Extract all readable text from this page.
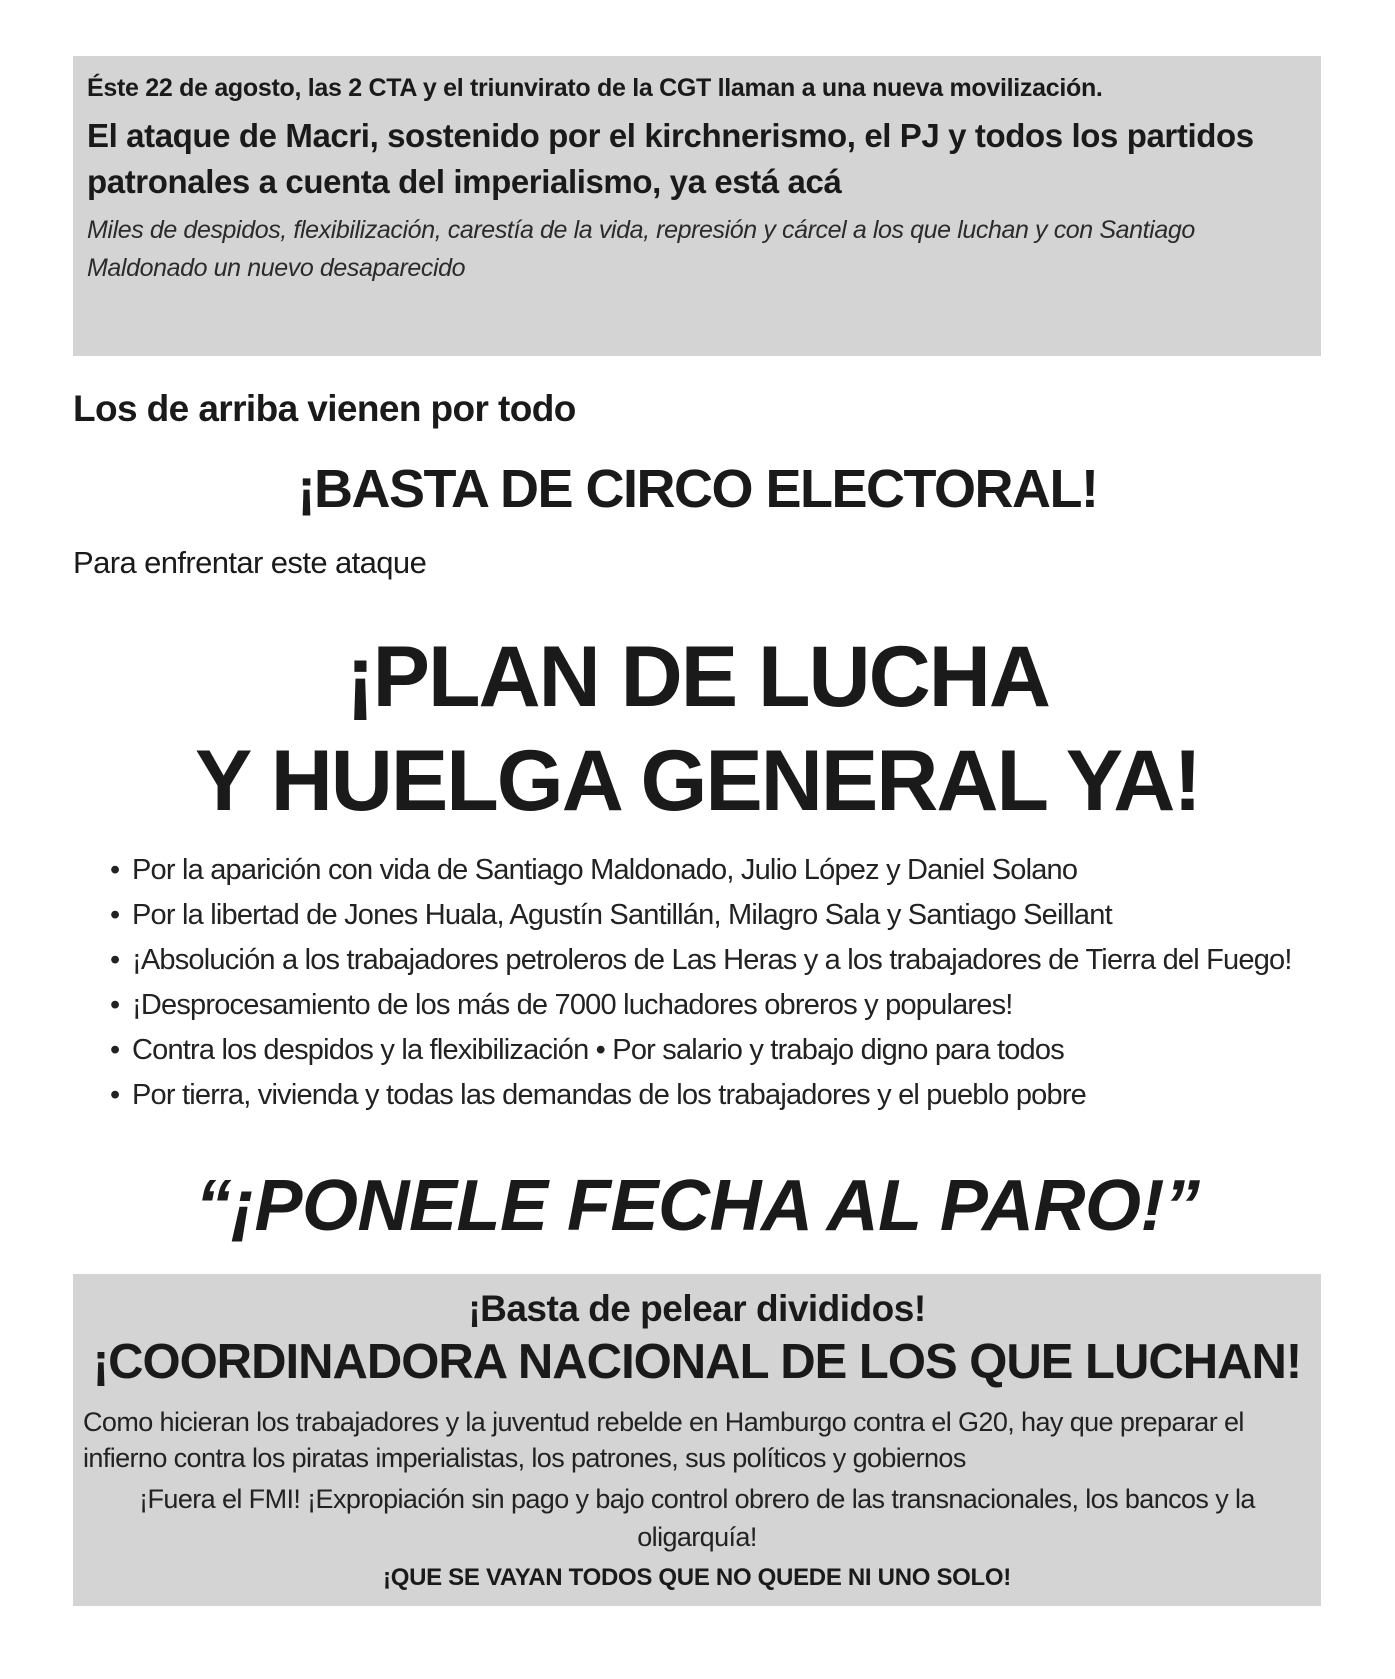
Éste 22 de agosto, las 2 CTA y el triunvirato de la CGT llaman a una nueva movilización.
El ataque de Macri, sostenido por el kirchnerismo, el PJ y todos los partidos patronales a cuenta del imperialismo, ya está acá
Miles de despidos, flexibilización, carestía de la vida, represión y cárcel a los que luchan y con Santiago Maldonado un nuevo desaparecido
Los de arriba vienen por todo
¡BASTA DE CIRCO ELECTORAL!
Para enfrentar este ataque
¡PLAN DE LUCHA
Y HUELGA GENERAL YA!
• Por la aparición con vida de Santiago Maldonado, Julio López y Daniel Solano
• Por la libertad de Jones Huala, Agustín Santillán, Milagro Sala y Santiago Seillant
• ¡Absolución a los trabajadores petroleros de Las Heras y a los trabajadores de Tierra del Fuego!
• ¡Desprocesamiento de los más de 7000 luchadores obreros y populares!
• Contra los despidos y la flexibilización • Por salario y trabajo digno para todos
• Por tierra, vivienda y todas las demandas de los trabajadores y el pueblo pobre
“¡PONELE FECHA AL PARO!”
¡Basta de pelear divididos!
¡COORDINADORA NACIONAL DE LOS QUE LUCHAN!
Como hicieran los trabajadores y la juventud rebelde en Hamburgo contra el G20, hay que preparar el infierno contra los piratas imperialistas, los patrones, sus políticos y gobiernos
¡Fuera el FMI! ¡Expropiación sin pago y bajo control obrero de las transnacionales, los bancos y la oligarquía!
¡QUE SE VAYAN TODOS QUE NO QUEDE NI UNO SOLO!
